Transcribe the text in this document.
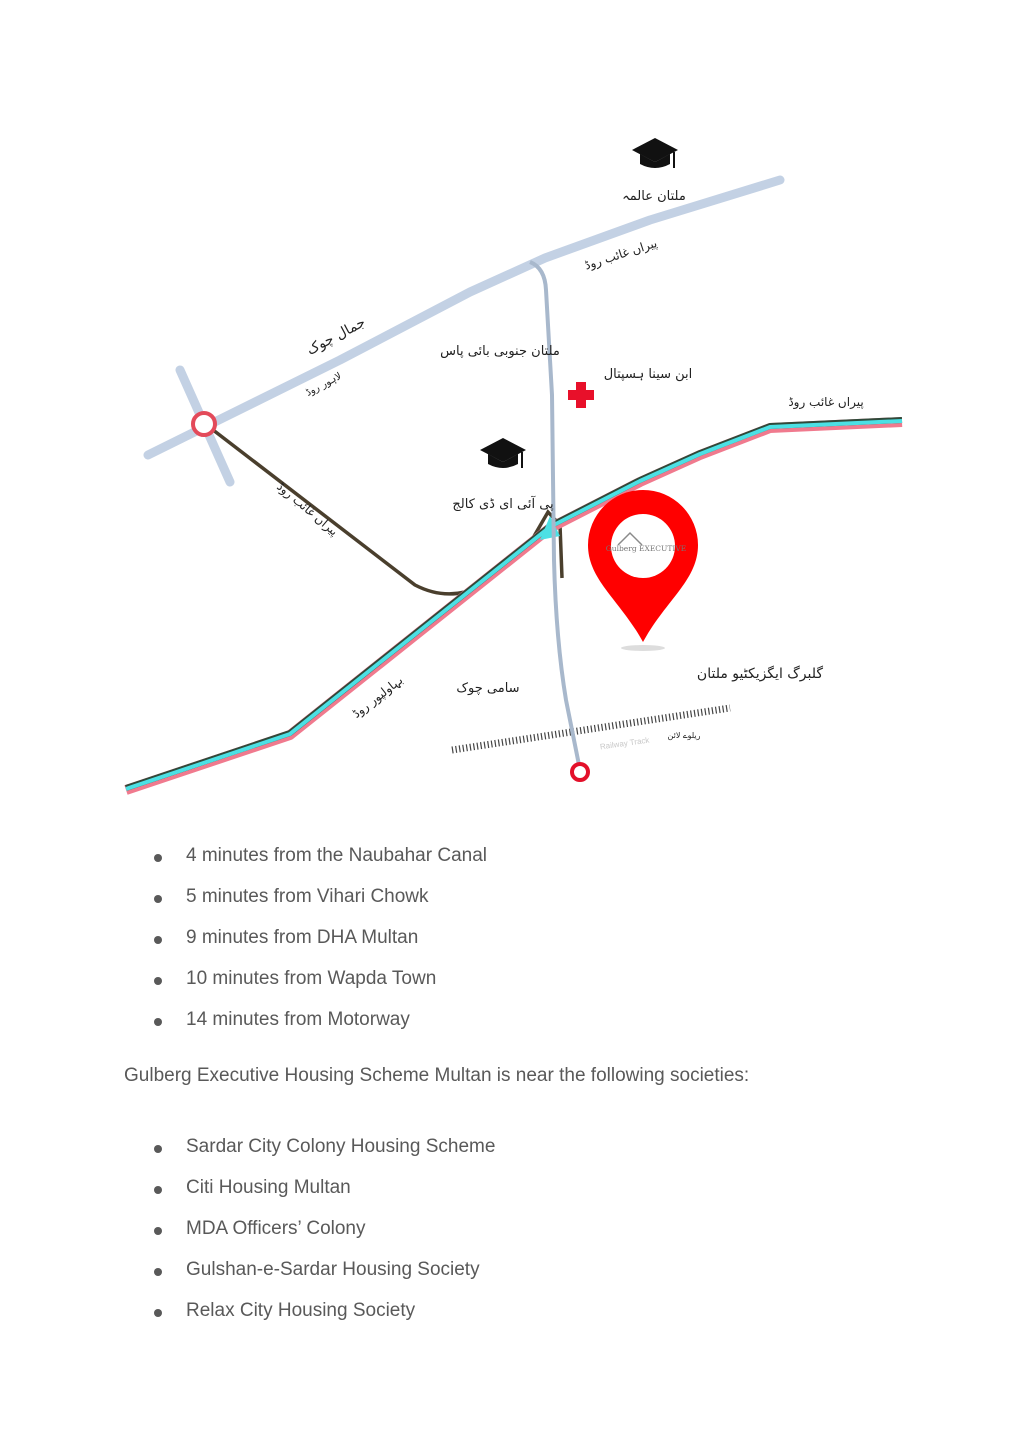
Gulberg EXECUTIVE
ملتان عالمہ
پیراں غائب روڈ
جمال چوک
لاہور روڈ
ملتان جنوبی بائی پاس
ابن سینا ہسپتال
پیراں غائب روڈ
پیراں غائب روڈ	پی آئی ای ڈی کالج
بہاولپور روڈ	سامی چوک
گلبرگ ایگزیکٹیو ملتان
Railway Track
ریلوے لائن
4 minutes from the Naubahar Canal
5 minutes from Vihari Chowk
9 minutes from DHA Multan
10 minutes from Wapda Town
14 minutes from Motorway

Gulberg Executive Housing Scheme Multan is near the following societies:

Sardar City Colony Housing Scheme
Citi Housing Multan
MDA Officers’ Colony
Gulshan-e-Sardar Housing Society
Relax City Housing Society
